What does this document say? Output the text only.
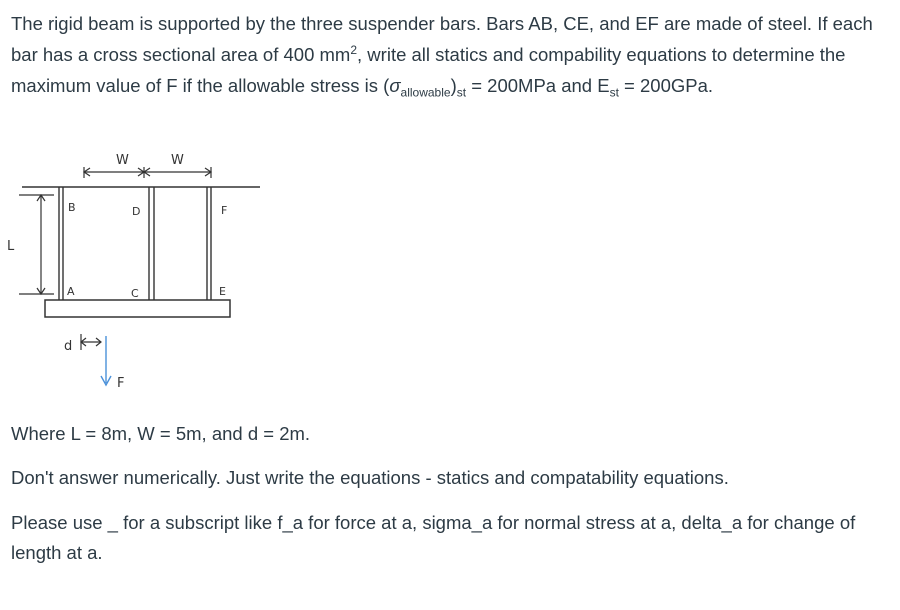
The rigid beam is supported by the three suspender bars. Bars AB, CE, and EF are made of steel. If each bar has a cross sectional area of 400 $mm^2$, write all statics and compability equations to determine the maximum value of F if the allowable stress is $(\sigma_{allowable})_{st} = 200MPa$ and $E_{st} = 200GPa$.

W	W
B	D	F
A	C	E
L
d
F

Where L = 8m, W = 5m, and d = 2m.

Don't answer numerically. Just write the equations - statics and compatability equations.

Please use _ for a subscript like f_a for force at a, sigma_a for normal stress at a, delta_a for change of length at a.
